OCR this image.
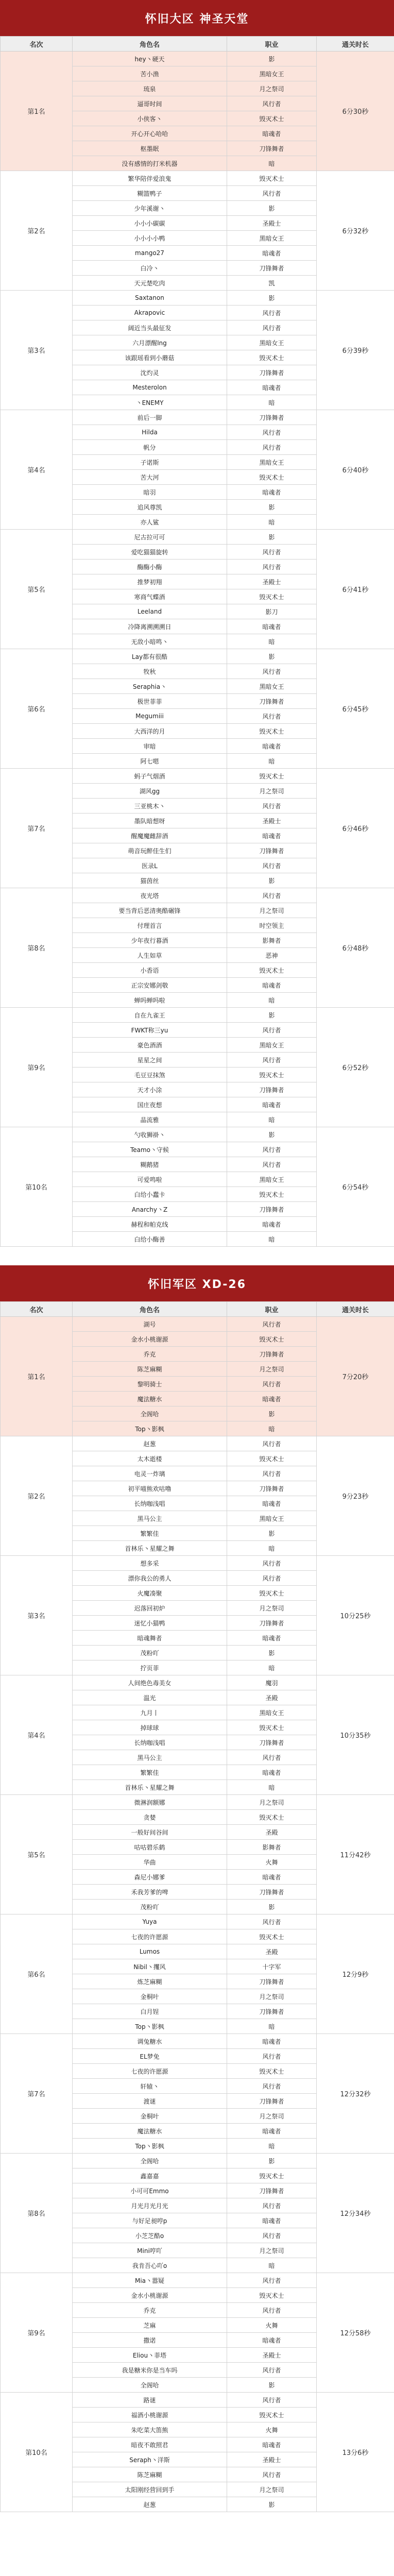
怀旧大区 神圣天堂
名次	角色名	职业	通关时长
第1名	hey丶硬天	影	6分30秒
	苦小渔	黑暗女王	
	琉泉	月之祭司	
	逼哥时间	风行者	
	小侠客丶	毁灭术士	
	开心开心哈哈	暗魂者	
	枢墨眠	刀锋舞者	
	没有感情的打米机器	暗	
第2名	繁华陪伴爱浪鬼	毁灭术士	6分32秒
	糊篮鸭子	风行者	
	少年溪谢丶	影	
	小小小碳碳	圣殿士	
	小小小小鸭	黑暗女王	
	mango27	暗魂者	
	白冷丶	刀锋舞者	
	天元楚吃肉	凯	
第3名	Saxtanon	影	6分39秒
	Akrapovic	风行者	
	阔近当头最征发	风行者	
	六月漂醒lng	黑暗女王	
	该跟瑶看到小蘑菇	毁灭术士	
	沈灼灵	刀锋舞者	
	Mesterolon	暗魂者	
	丶ENEMY	暗	
第4名	前后一脚	刀锋舞者	6分40秒
	Hilda	风行者	
	帆分	风行者	
	子诺斯	黑暗女王	
	苦大河	毁灭术士	
	暗羽	暗魂者	
	追风尊凯	影	
	亦人鲨	暗	
第5名	尼古拉可可	影	6分41秒
	爱吃猫猫旋转	风行者	
	酶酶小酶	风行者	
	推梦初翔	圣殿士	
	寒商气蝶酒	毁灭术士	
	Leeland	影刀	
	冷降离溯溯溯日	暗魂者	
	无敌小暗鸣丶	暗	
第6名	Lay都有很酷	影	6分45秒
	牧秋	风行者	
	Seraphia丶	黑暗女王	
	极世菲菲	刀锋舞者	
	Megumiii	风行者	
	大西洋的月	毁灭术士	
	审暗	暗魂者	
	阿七嗯	暗	
第7名	蚂子气烟酒	毁灭术士	6分46秒
	湖风gg	月之祭司	
	三亚桃木丶	风行者	
	墨队暗想呀	圣殿士	
	醒魔魔雌辞酒	暗魂者	
	萌音玩醉佳生们	刀锋舞者	
	医录L	风行者	
	猫茵丝	影	
第8名	夜光塔	风行者	6分48秒
	要当背后恶清奥酷碾锋	月之祭司	
	付理首言	时空领主	
	少年夜行暮酒	影舞者	
	人生如草	恶神	
	小香语	毁灭术士	
	正宗安娜剑敬	暗魂者	
	蝉吗蝉吗啦	暗	
第9名	自在九雀王	影	6分52秒
	FWKT称三yu	风行者	
	豪色酒酒	黑暗女王	
	星星之间	风行者	
	毛豆豆抹煞	毁灭术士	
	天才小涂	刀锋舞者	
	国庄夜想	暗魂者	
	晶流雅	暗	
第10名	勺收狮褂丶	影	6分54秒
	Teamo丶守候	风行者	
	糊鹅猪	风行者	
	可爱鸣啦	黑暗女王	
	白给小蠢卡	毁灭术士	
	Anarchy丶Z	刀锋舞者	
	赫程和帕克线	暗魂者	
	白给小酶善	暗	
怀旧军区 XD-26
名次	角色名	职业	通关时长
第1名	湖号	风行者	7分20秒
	金水小桃谢源	毁灭术士	
	乔克	刀锋舞者	
	陈芝麻糊	月之祭司	
	黎明骑士	风行者	
	魔法糖水	暗魂者	
	全阁哈	影	
	Top丶影枫	暗	
第2名	赵葱	风行者	9分23秒
	太木逝楼	毁灭术士	
	电灵一炸璃	风行者	
	初平喵熊欢咕噜	刀锋舞者	
	长纳咖浅唱	暗魂者	
	黑马公主	黑暗女王	
	繁繁佳	影	
	首林乐丶星耀之舞	暗	
第3名	想多采	风行者	10分25秒
	漂你我公的勇人	风行者	
	火魔凑聚	毁灭术士	
	迟落回初炉	月之祭司	
	迷忆小猫鸭	刀锋舞者	
	暗魂舞者	暗魂者	
	茂粉吖	影	
	拧页菲	暗	
第4名	人间绝色毒美女	魔羽	10分35秒
	温光	圣殿	
	九月丨	黑暗女王	
	掉球球	毁灭术士	
	长纳咖浅唱	刀锋舞者	
	黑马公主	风行者	
	繁繁佳	暗魂者	
	首林乐丶星耀之舞	暗	
第5名	微淋润额娜	月之祭司	11分42秒
	贪婪	毁灭术士	
	一般好间谷间	圣殿	
	咕咕碧乐鹤	影舞者	
	华曲	火舞	
	森尼小娜爹	暗魂者	
	禾我芳爹的啤	刀锋舞者	
	茂粉吖	影	
第6名	Yuya	风行者	12分9秒
	七夜的许愿源	毁灭术士	
	Lumos	圣殿	
	Nibil丶攫风	十字军	
	炼芝麻糊	刀锋舞者	
	金桐叶	月之祭司	
	白月锃	刀锋舞者	
	Top丶影枫	暗	
第7名	调兔糖水	暗魂者	12分32秒
	EL梦免	风行者	
	七夜的许愿源	毁灭术士	
	轩辕丶	风行者	
	渡谜	刀锋舞者	
	金桐叶	月之祭司	
	魔法糖水	暗魂者	
	Top丶影枫	暗	
第8名	全阁哈	影	12分34秒
	鑫嘉嘉	毁灭术士	
	小可可Emmo	刀锋舞者	
	月光月光月光	风行者	
	与好足昶哼p	暗魂者	
	小芝芝酷o	风行者	
	Mini哼吖	月之祭司	
	我肯吾心吖o	暗	
第9名	Mia丶嚣疑	风行者	12分58秒
	金水小桃谢源	毁灭术士	
	乔克	风行者	
	芝麻	火舞	
	撒诺	暗魂者	
	Eliou丶菲塔	圣殿士	
	我是糖米你是当车吗	风行者	
	全阁哈	影	
第10名	路谜	风行者	13分6秒
	福酒小桃谢源	毁灭术士	
	朱吃菜大笛熊	火舞	
	暗夜不敢照君	暗魂者	
	Seraph丶洋斯	圣殿士	
	陈芝麻糊	风行者	
	太阳刚经营回到手	月之祭司	
	赵葱	影	
